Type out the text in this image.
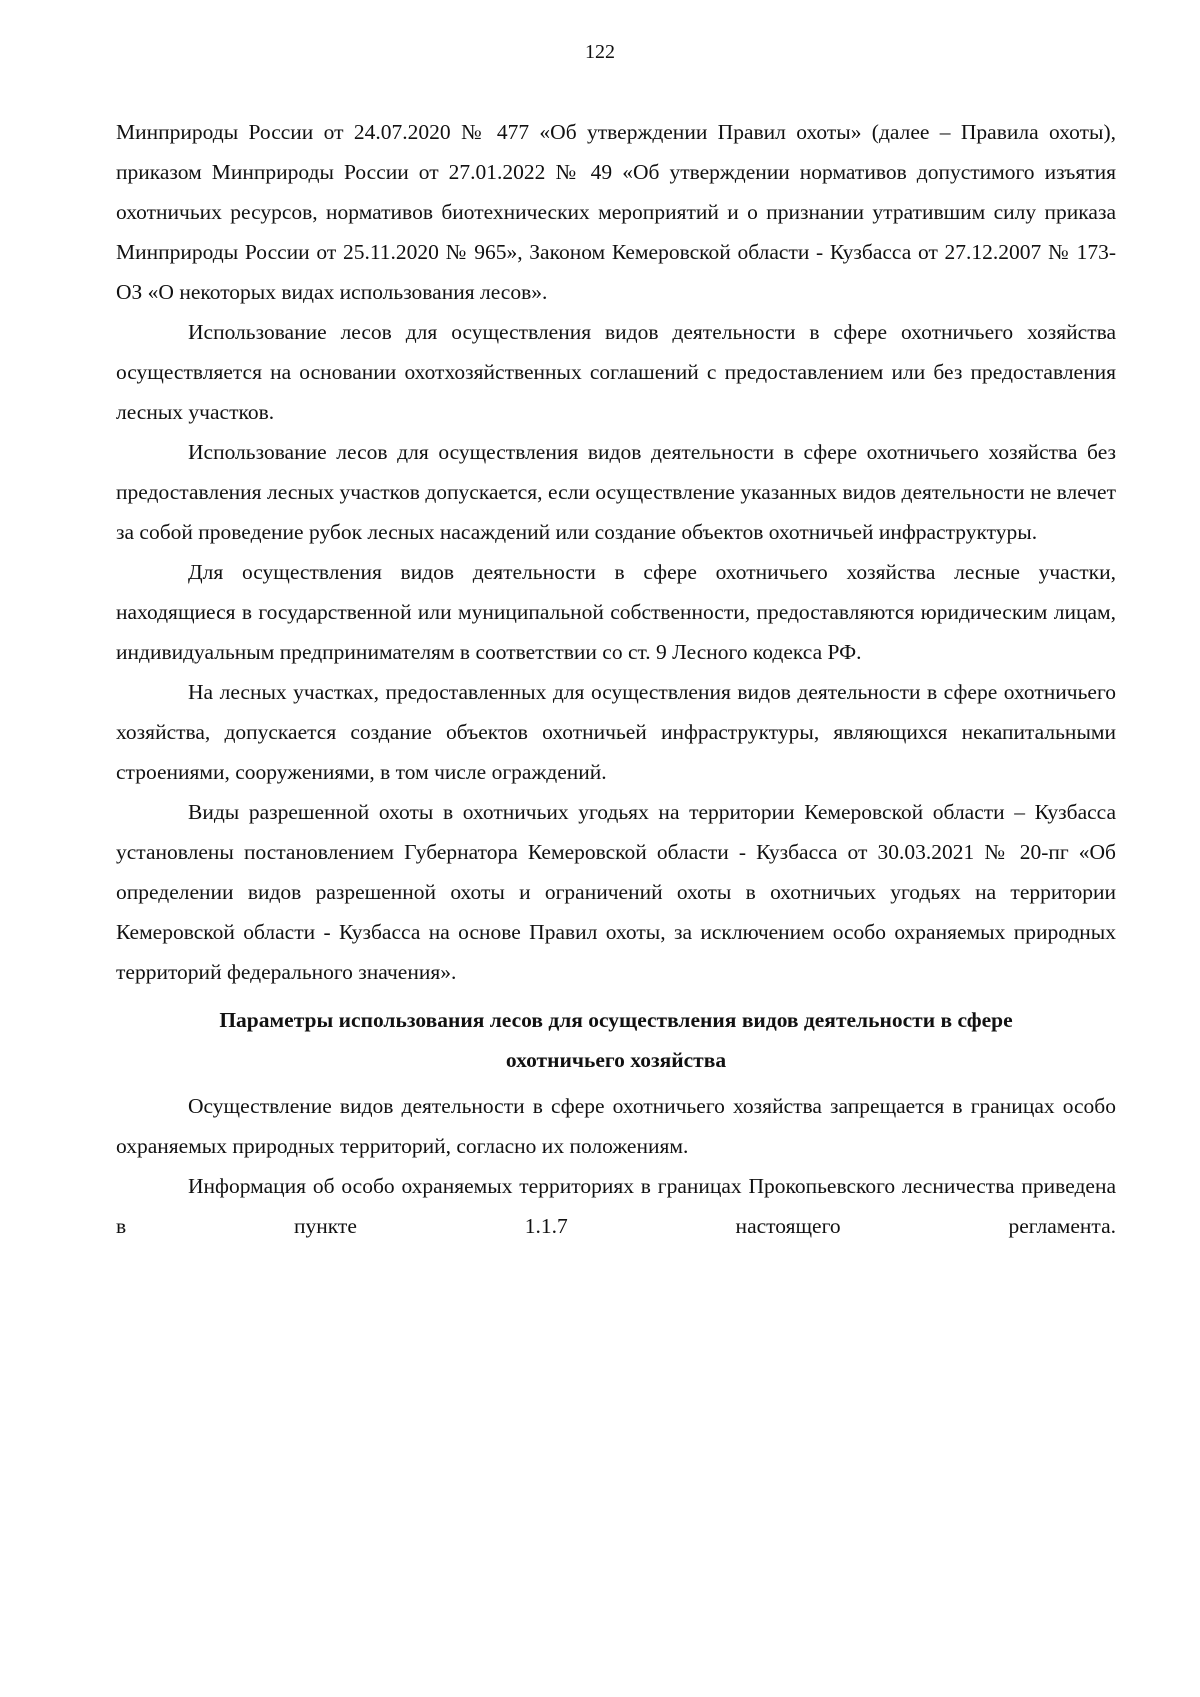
122

Минприроды России от 24.07.2020 № 477 «Об утверждении Правил охоты» (далее – Правила охоты), приказом Минприроды России от 27.01.2022 № 49 «Об утверждении нормативов допустимого изъятия охотничьих ресурсов, нормативов биотехнических мероприятий и о признании утратившим силу приказа Минприроды России от 25.11.2020 № 965», Законом Кемеровской области - Кузбасса от 27.12.2007 № 173-ОЗ «О некоторых видах использования лесов».

Использование лесов для осуществления видов деятельности в сфере охотничьего хозяйства осуществляется на основании охотхозяйственных соглашений с предоставлением или без предоставления лесных участков.

Использование лесов для осуществления видов деятельности в сфере охотничьего хозяйства без предоставления лесных участков допускается, если осуществление указанных видов деятельности не влечет за собой проведение рубок лесных насаждений или создание объектов охотничьей инфраструктуры.

Для осуществления видов деятельности в сфере охотничьего хозяйства лесные участки, находящиеся в государственной или муниципальной собственности, предоставляются юридическим лицам, индивидуальным предпринимателям в соответствии со ст. 9 Лесного кодекса РФ.

На лесных участках, предоставленных для осуществления видов деятельности в сфере охотничьего хозяйства, допускается создание объектов охотничьей инфраструктуры, являющихся некапитальными строениями, сооружениями, в том числе ограждений.

Виды разрешенной охоты в охотничьих угодьях на территории Кемеровской области – Кузбасса установлены постановлением Губернатора Кемеровской области - Кузбасса от 30.03.2021 № 20-пг «Об определении видов разрешенной охоты и ограничений охоты в охотничьих угодьях на территории Кемеровской области - Кузбасса на основе Правил охоты, за исключением особо охраняемых природных территорий федерального значения».

Параметры использования лесов для осуществления видов деятельности в сфере
охотничьего хозяйства

Осуществление видов деятельности в сфере охотничьего хозяйства запрещается в границах особо охраняемых природных территорий, согласно их положениям.

Информация об особо охраняемых территориях в границах Прокопьевского лесничества приведена в пункте 1.1.7 настоящего регламента.
